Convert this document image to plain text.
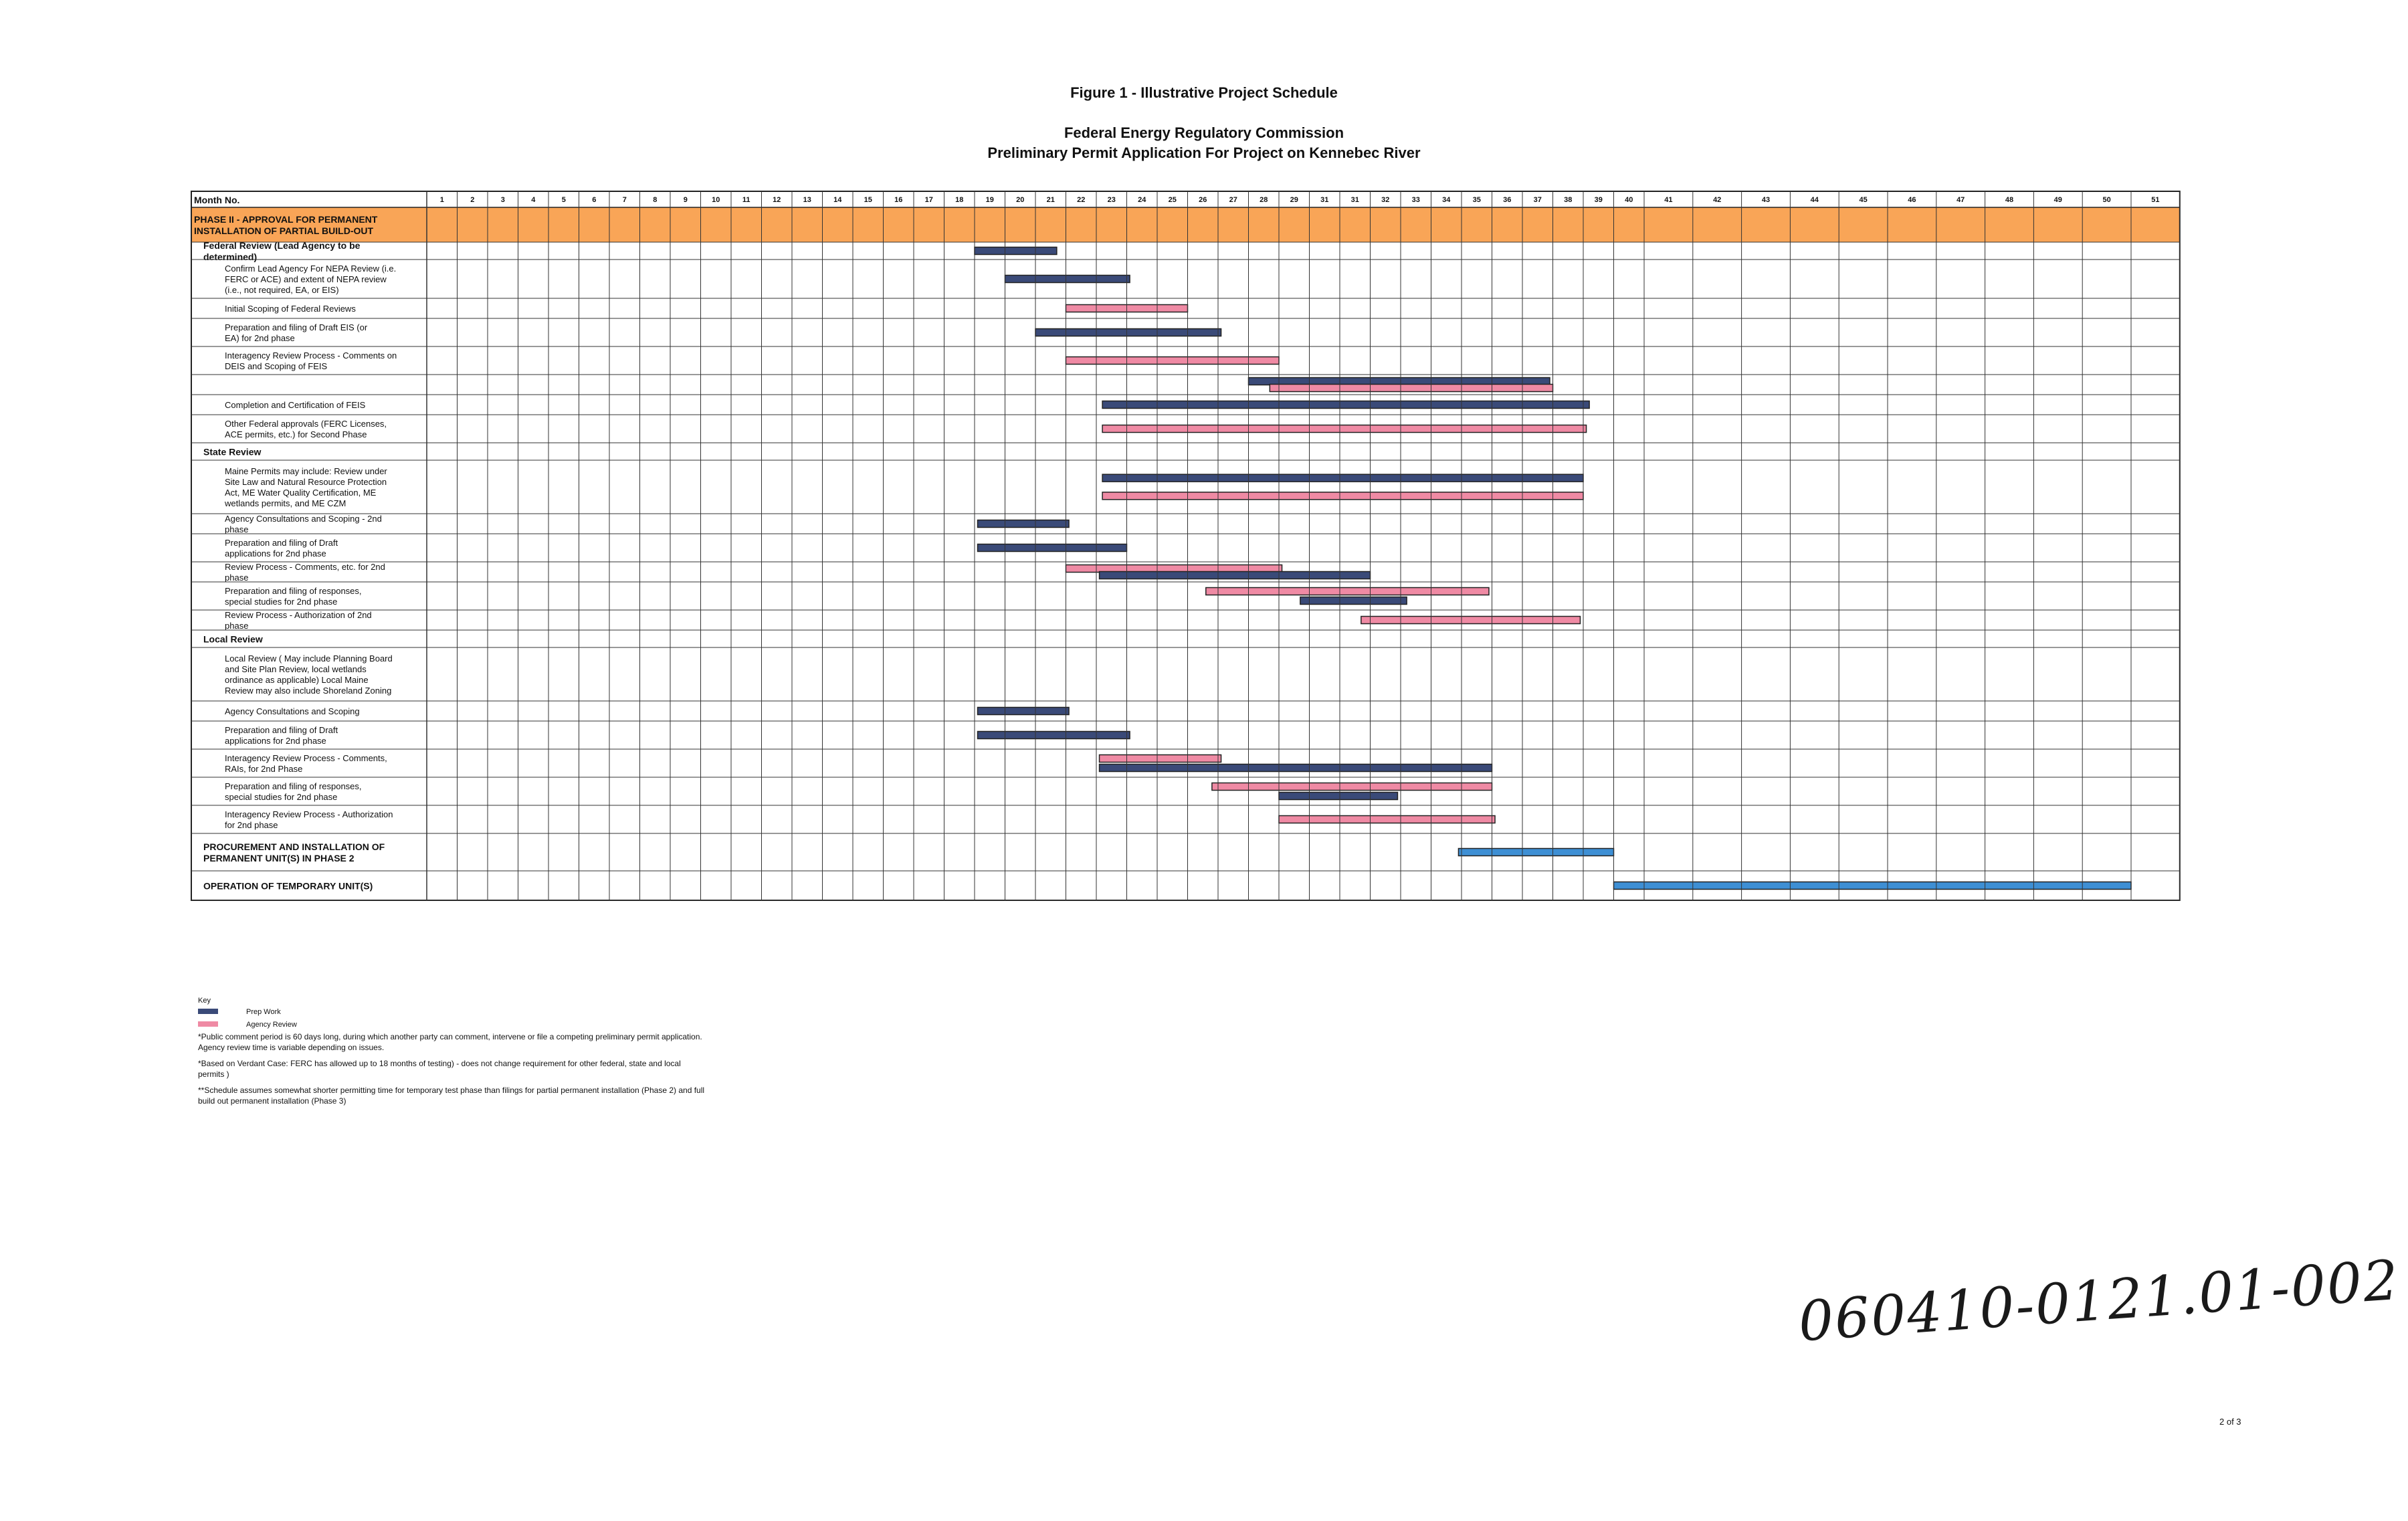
Figure 1 - Illustrative Project Schedule
Federal Energy Regulatory Commission
Preliminary Permit Application For Project on Kennebec River
Month No.	1	2	3	4	5	6	7	8	9	10	11	12	13	14	15	16	17	18	19	20	21	22	23	24	25	26	27	28	29	31	31	32	33	34	35	36	37	38	39	40	41	42	43	44	45	46	47	48	49	50	51
PHASE II - APPROVAL FOR PERMANENT
INSTALLATION OF PARTIAL BUILD-OUT
Federal Review (Lead Agency to be
determined)
Confirm Lead Agency For NEPA Review (i.e.
FERC or ACE) and extent of NEPA review
(i.e., not required, EA, or EIS)
Initial Scoping of Federal Reviews
Preparation and filing of Draft EIS (or
EA) for 2nd phase
Interagency Review Process - Comments on
DEIS and Scoping of FEIS
Completion and Certification of FEIS
Other Federal approvals (FERC Licenses,
ACE permits, etc.) for Second Phase
State Review
Maine Permits may include: Review under
Site Law and Natural Resource Protection
Act, ME Water Quality Certification, ME
wetlands permits, and ME CZM
Agency Consultations and Scoping - 2nd
phase
Preparation and filing of Draft
applications for 2nd phase
Review Process - Comments, etc. for 2nd
phase
Preparation and filing of responses,
special studies for 2nd phase
Review Process - Authorization of 2nd
phase
Local Review
Local Review ( May include Planning Board
and Site Plan Review, local wetlands
ordinance as applicable) Local Maine
Review may also include Shoreland Zoning
Agency Consultations and Scoping
Preparation and filing of Draft
applications for 2nd phase
Interagency Review Process - Comments,
RAIs, for 2nd Phase
Preparation and filing of responses,
special studies for 2nd phase
Interagency Review Process - Authorization
for 2nd phase
PROCUREMENT AND INSTALLATION OF
PERMANENT UNIT(S) IN PHASE 2
OPERATION OF TEMPORARY UNIT(S)
Key
Prep Work
Agency Review
*Public comment period is 60 days long, during which another party can comment, intervene or file a competing preliminary permit application. Agency review time is variable depending on issues.
*Based on Verdant Case: FERC has allowed up to 18 months of testing) - does not change requirement for other federal, state and local permits )
**Schedule assumes somewhat shorter permitting time for temporary test phase than filings for partial permanent installation (Phase 2) and full build out permanent installation (Phase 3)
060410-0121.01-002
2 of 3
